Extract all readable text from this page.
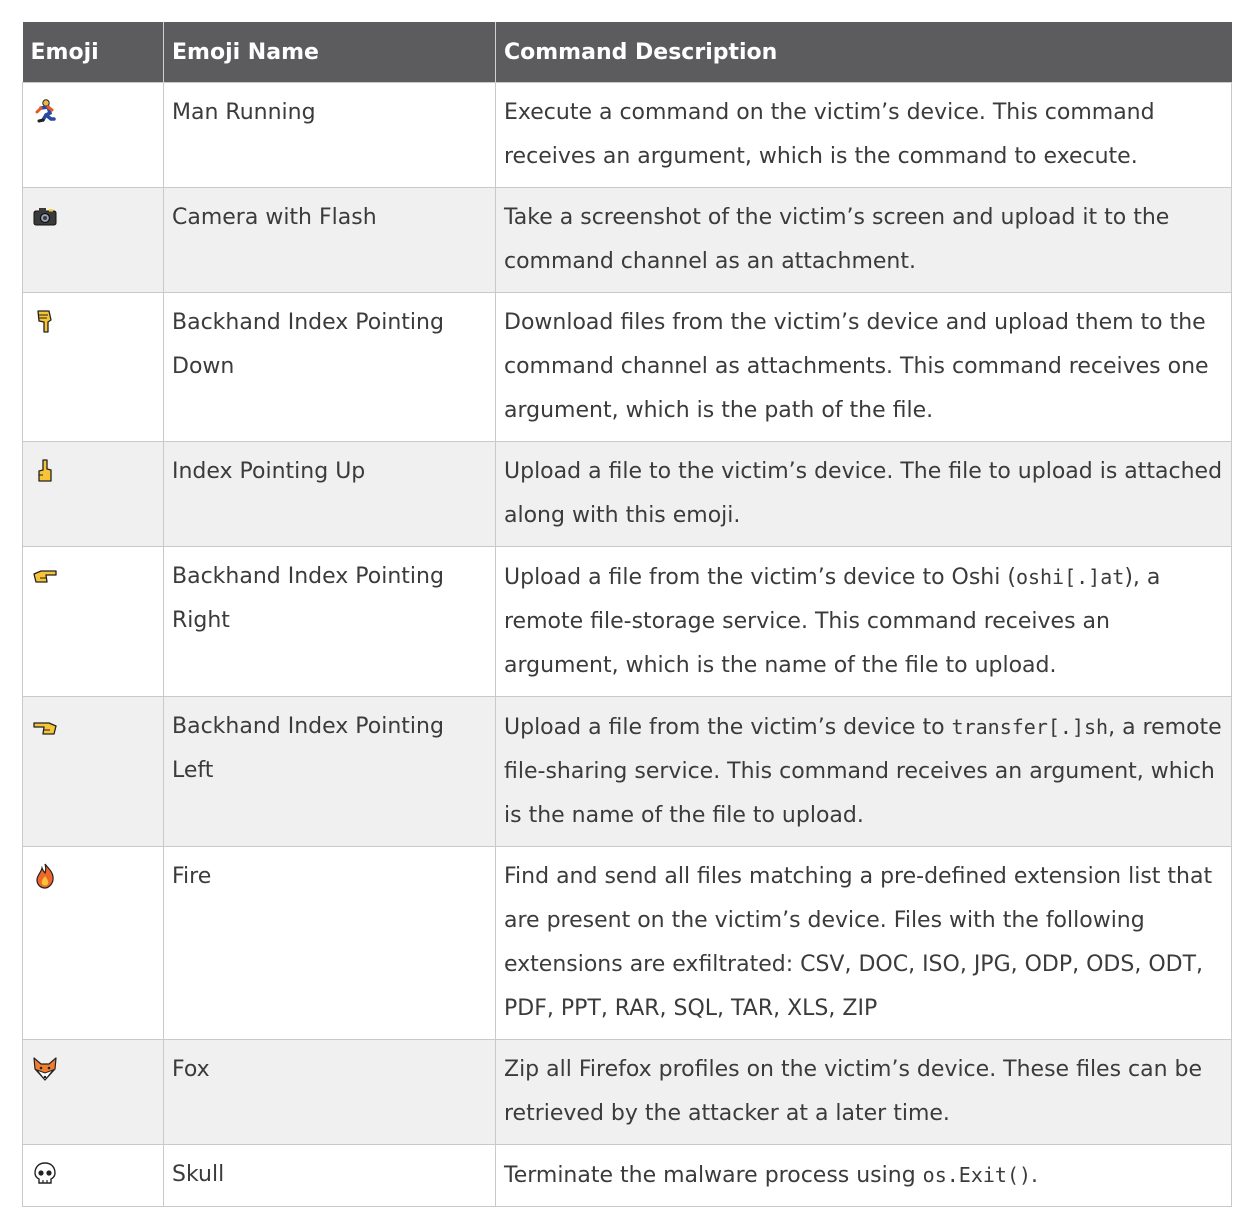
Emoji	Emoji Name	Command Description
	Man Running	Execute a command on the victim’s device. This command receives an argument, which is the command to execute.
	Camera with Flash	Take a screenshot of the victim’s screen and upload it to the command channel as an attachment.
	Backhand Index Pointing Down	Download files from the victim’s device and upload them to the command channel as attachments. This command receives one argument, which is the path of the file.
	Index Pointing Up	Upload a file to the victim’s device. The file to upload is attached along with this emoji.
	Backhand Index Pointing Right	Upload a file from the victim’s device to Oshi (oshi[.]at), a remote file-storage service. This command receives an argument, which is the name of the file to upload.
	Backhand Index Pointing Left	Upload a file from the victim’s device to transfer[.]sh, a remote file-sharing service. This command receives an argument, which is the name of the file to upload.
	Fire	Find and send all files matching a pre-defined extension list that are present on the victim’s device. Files with the following extensions are exfiltrated: CSV, DOC, ISO, JPG, ODP, ODS, ODT, PDF, PPT, RAR, SQL, TAR, XLS, ZIP
	Fox	Zip all Firefox profiles on the victim’s device. These files can be retrieved by the attacker at a later time.
	Skull	Terminate the malware process using os.Exit().
